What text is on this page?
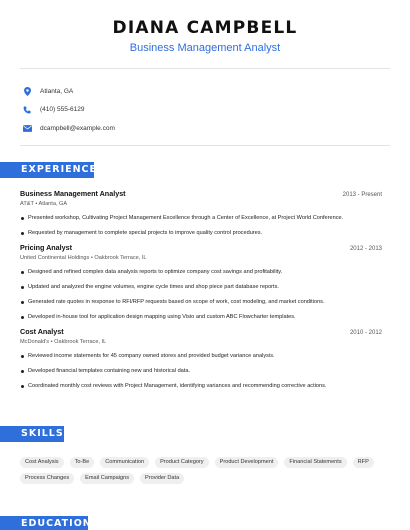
DIANA CAMPBELL
Business Management Analyst
Atlanta, GA
(410) 555-6129
dcampbell@example.com
EXPERIENCE
Business Management Analyst	2013 - Present
AT&T • Atlanta, GA
Presented workshop, Cultivating Project Management Excellence through a Center of Excellence, at Project World Conference.
Requested by management to complete special projects to improve quality control procedures.
Pricing Analyst	2012 - 2013
United Continental Holdings • Oakbrook Terrace, IL
Designed and refined complex data analysis reports to optimize company cost savings and profitability.
Updated and analyzed the engine volumes, engine cycle times and shop piece part database reports.
Generated rate quotes in response to RFI/RFP requests based on scope of work, cost modeling, and market conditions.
Developed in-house tool for application design mapping using Visio and custom ABC Flowcharter templates.
Cost Analyst	2010 - 2012
McDonald's • Oakbrook Terrace, IL
Reviewed income statements for 45 company owned stores and provided budget variance analysis.
Developed financial templates containing new and historical data.
Coordinated monthly cost reviews with Project Management, identifying variances and recommending corrective actions.
SKILLS
Cost Analysis	To-Be	Communication	Product Category	Product Development	Financial Statements	RFP
Process Changes	Email Campaigns	Provider Data
EDUCATION
